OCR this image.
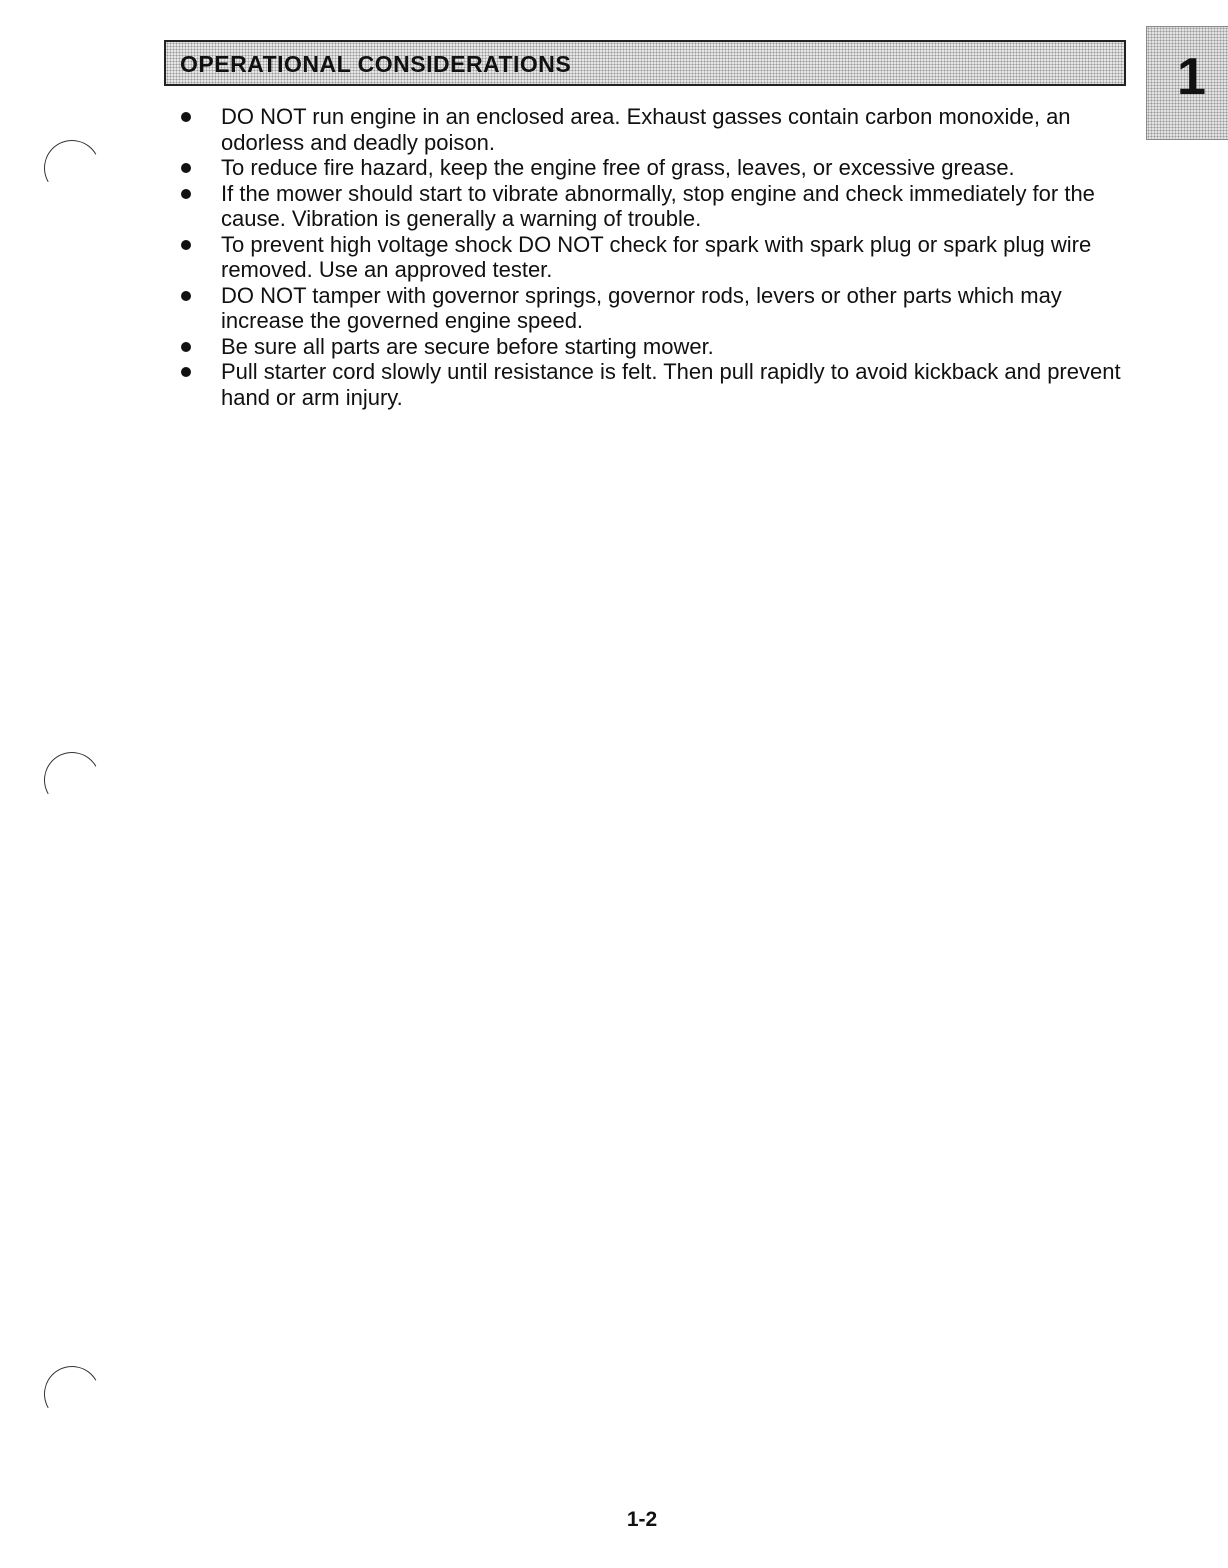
OPERATIONAL CONSIDERATIONS	1
DO NOT run engine in an enclosed area. Exhaust gasses contain carbon monoxide, an odorless and deadly poison.
To reduce fire hazard, keep the engine free of grass, leaves, or excessive grease.
If the mower should start to vibrate abnormally, stop engine and check immediately for the cause. Vibration is generally a warning of trouble.
To prevent high voltage shock DO NOT check for spark with spark plug or spark plug wire removed. Use an approved tester.
DO NOT tamper with governor springs, governor rods, levers or other parts which may increase the governed engine speed.
Be sure all parts are secure before starting mower.
Pull starter cord slowly until resistance is felt. Then pull rapidly to avoid kickback and prevent hand or arm injury.
1-2
